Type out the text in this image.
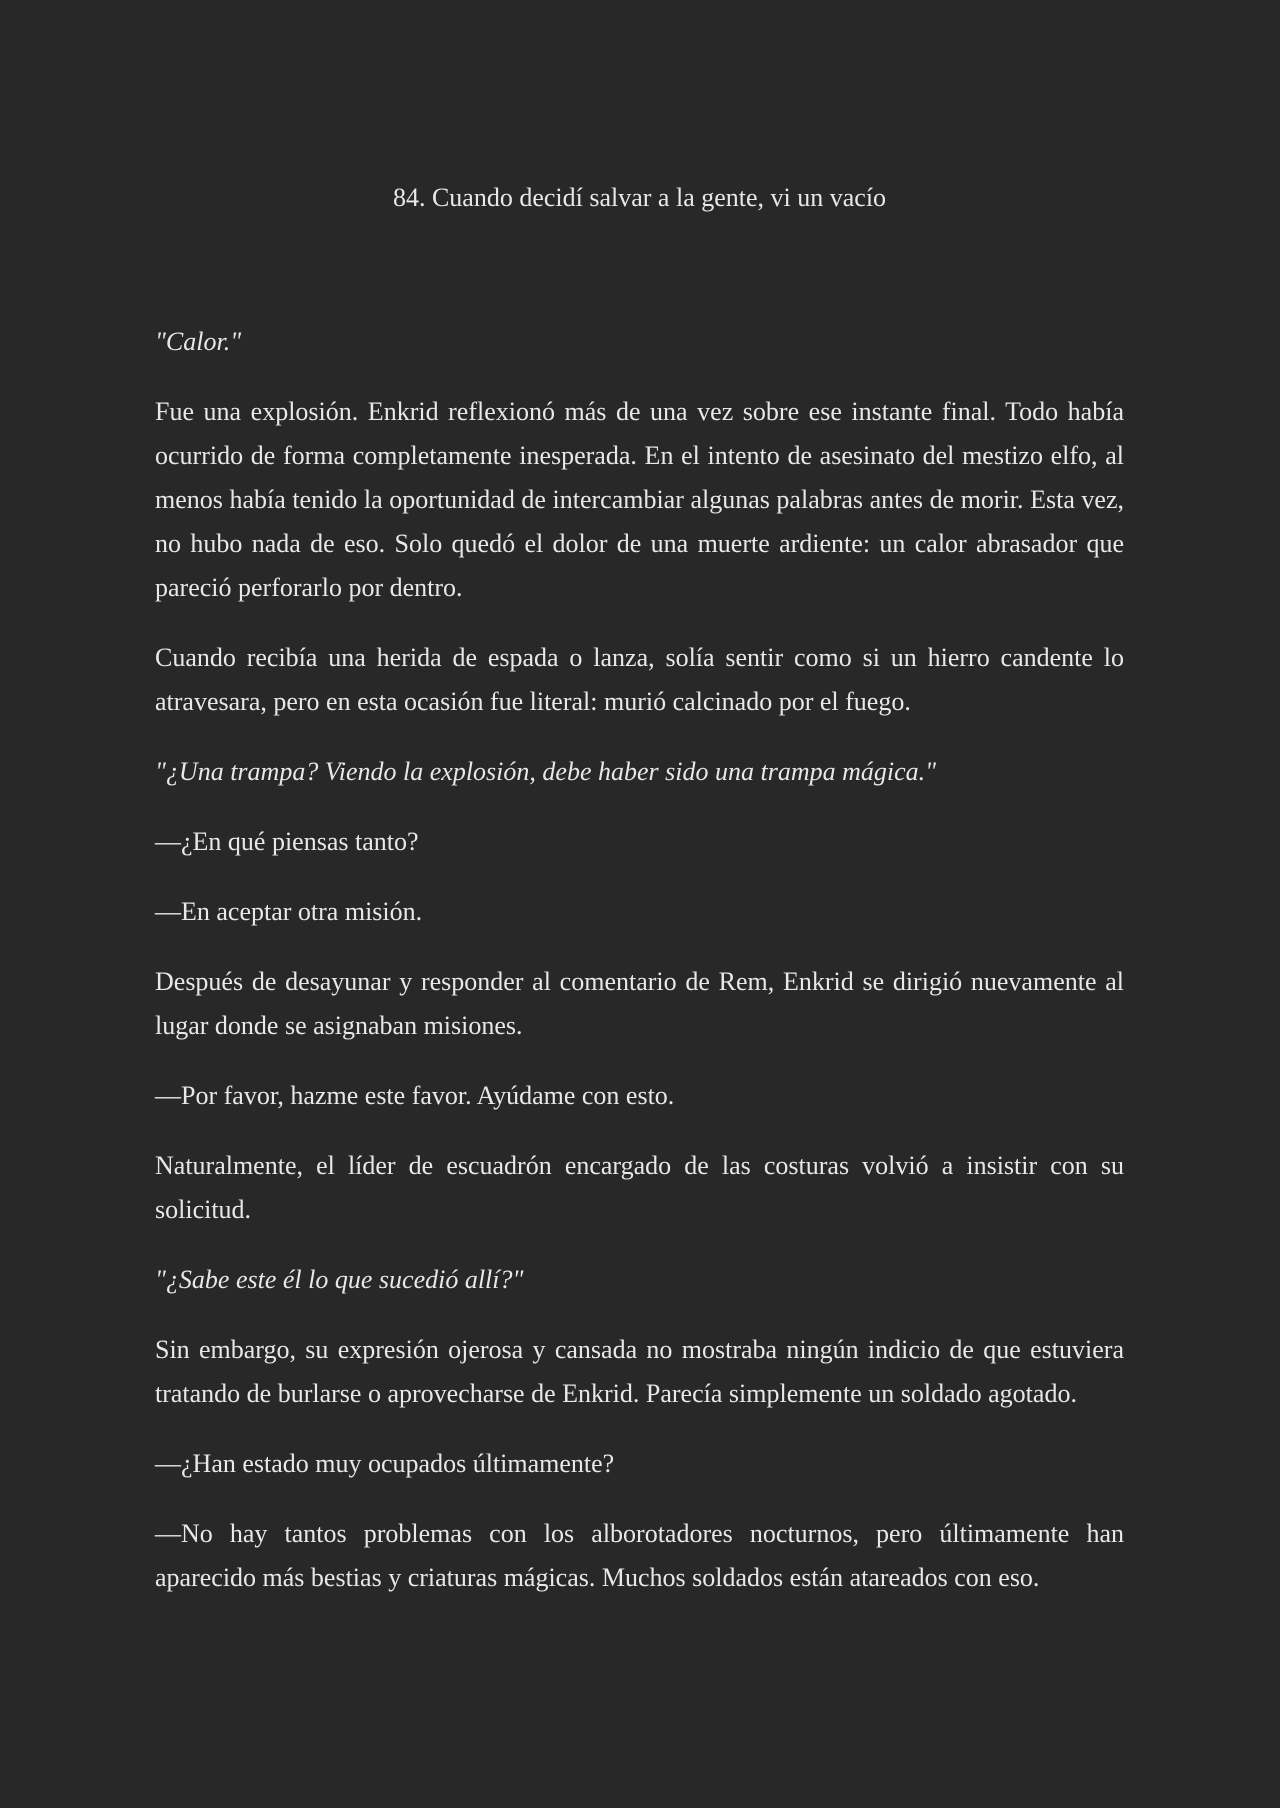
84. Cuando decidí salvar a la gente, vi un vacío

"Calor."

Fue una explosión. Enkrid reflexionó más de una vez sobre ese instante final. Todo había ocurrido de forma completamente inesperada. En el intento de asesinato del mestizo elfo, al menos había tenido la oportunidad de intercambiar algunas palabras antes de morir. Esta vez, no hubo nada de eso. Solo quedó el dolor de una muerte ardiente: un calor abrasador que pareció perforarlo por dentro.

Cuando recibía una herida de espada o lanza, solía sentir como si un hierro candente lo atravesara, pero en esta ocasión fue literal: murió calcinado por el fuego.

"¿Una trampa? Viendo la explosión, debe haber sido una trampa mágica."

—¿En qué piensas tanto?

—En aceptar otra misión.

Después de desayunar y responder al comentario de Rem, Enkrid se dirigió nuevamente al lugar donde se asignaban misiones.

—Por favor, hazme este favor. Ayúdame con esto.

Naturalmente, el líder de escuadrón encargado de las costuras volvió a insistir con su solicitud.

"¿Sabe este él lo que sucedió allí?"

Sin embargo, su expresión ojerosa y cansada no mostraba ningún indicio de que estuviera tratando de burlarse o aprovecharse de Enkrid. Parecía simplemente un soldado agotado.

—¿Han estado muy ocupados últimamente?

—No hay tantos problemas con los alborotadores nocturnos, pero últimamente han aparecido más bestias y criaturas mágicas. Muchos soldados están atareados con eso.
